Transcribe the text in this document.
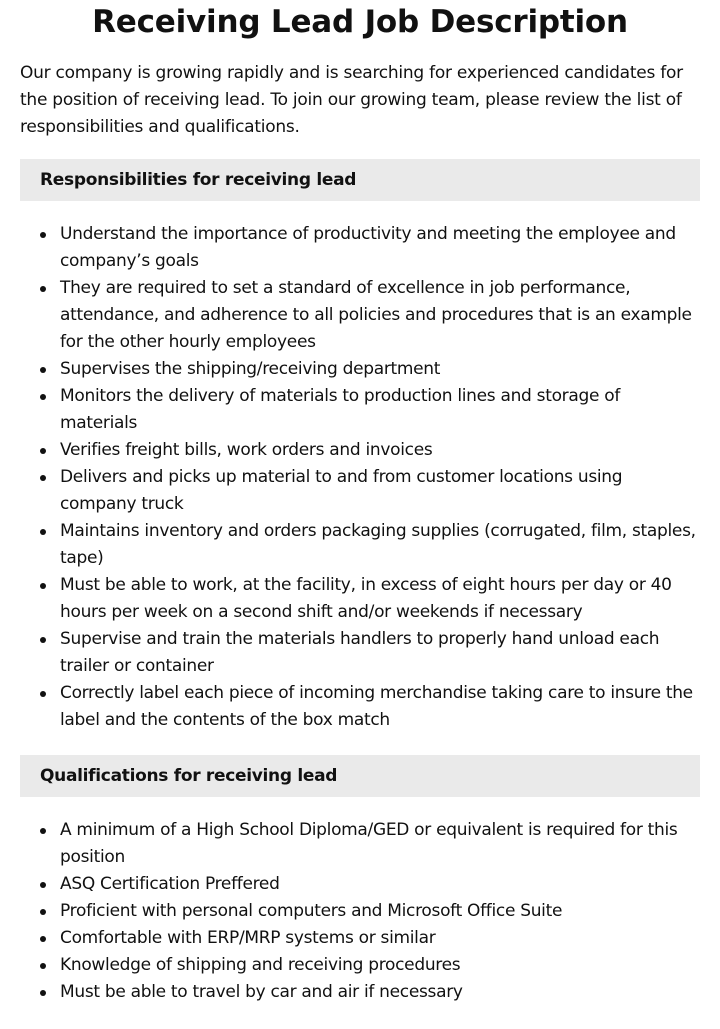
Receiving Lead Job Description

Our company is growing rapidly and is searching for experienced candidates for the position of receiving lead. To join our growing team, please review the list of responsibilities and qualifications.

Responsibilities for receiving lead
Understand the importance of productivity and meeting the employee and company’s goals
They are required to set a standard of excellence in job performance, attendance, and adherence to all policies and procedures that is an example for the other hourly employees
Supervises the shipping/receiving department
Monitors the delivery of materials to production lines and storage of materials
Verifies freight bills, work orders and invoices
Delivers and picks up material to and from customer locations using company truck
Maintains inventory and orders packaging supplies (corrugated, film, staples, tape)
Must be able to work, at the facility, in excess of eight hours per day or 40 hours per week on a second shift and/or weekends if necessary
Supervise and train the materials handlers to properly hand unload each trailer or container
Correctly label each piece of incoming merchandise taking care to insure the label and the contents of the box match
Qualifications for receiving lead
A minimum of a High School Diploma/GED or equivalent is required for this position
ASQ Certification Preffered
Proficient with personal computers and Microsoft Office Suite
Comfortable with ERP/MRP systems or similar
Knowledge of shipping and receiving procedures
Must be able to travel by car and air if necessary
